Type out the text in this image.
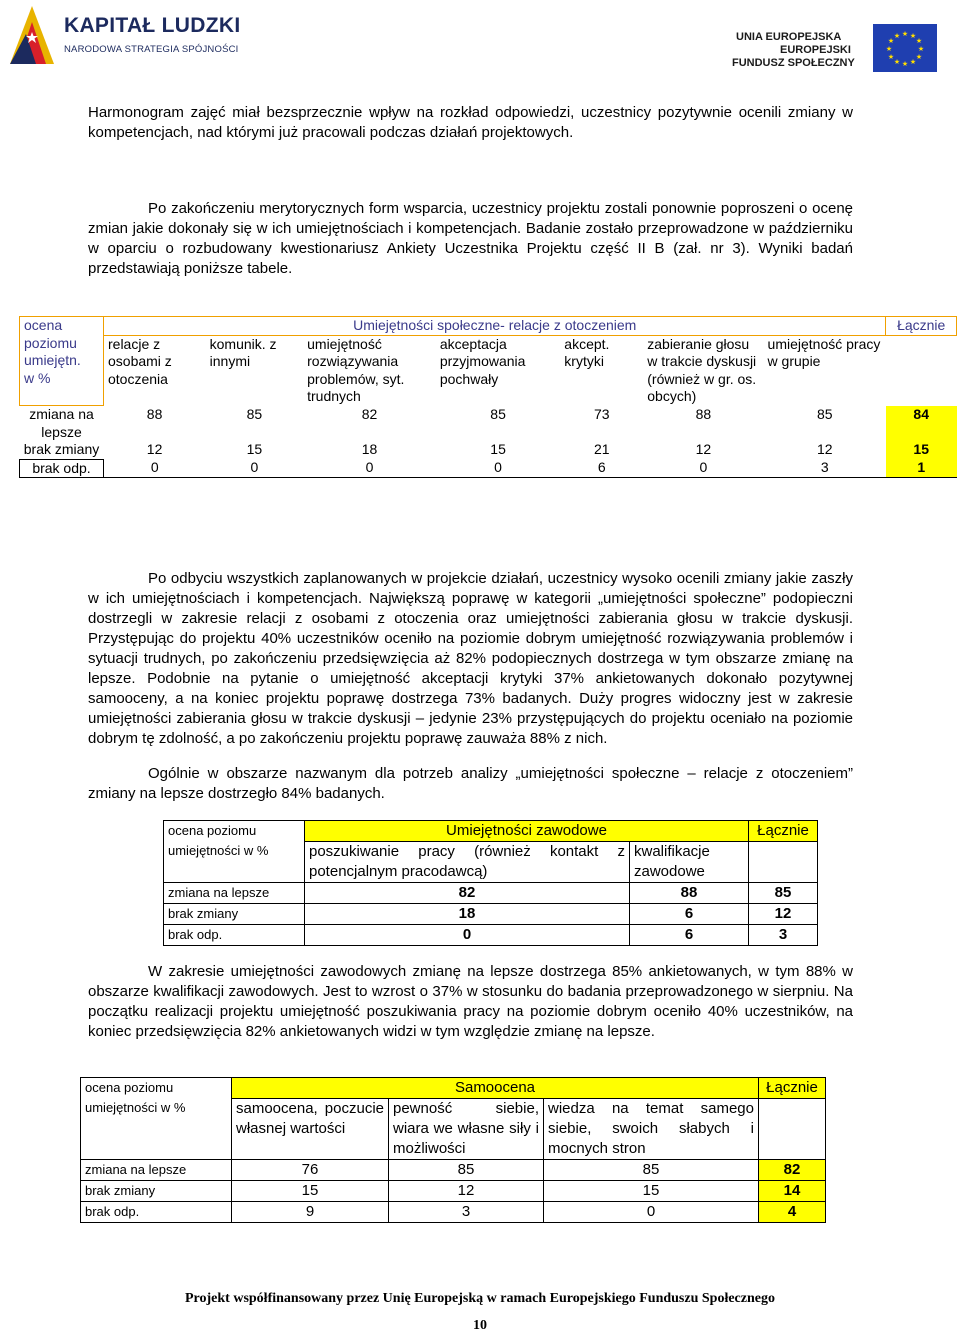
KAPITAŁ LUDZKI
NARODOWA STRATEGIA SPÓJNOŚCI
UNIA EUROPEJSKA
EUROPEJSKI
FUNDUSZ SPOŁECZNY
★ ★
★
★
★
★
★
★
★
★
★
★

Harmonogram zajęć miał bezsprzecznie wpływ na rozkład odpowiedzi, uczestnicy pozytywnie ocenili zmiany w kompetencjach, nad którymi już pracowali podczas działań projektowych.

Po zakończeniu merytorycznych form wsparcia, uczestnicy projektu zostali ponownie poproszeni o ocenę zmian jakie dokonały się w ich umiejętnościach i kompetencjach. Badanie zostało przeprowadzone w październiku w oparciu o rozbudowany kwestionariusz Ankiety Uczestnika Projektu część II B (zał. nr 3). Wyniki badań przedstawiają poniższe tabele.

ocena
poziomu
umiejętn.
w %	Umiejętności społeczne- relacje z otoczeniem							Łącznie
	relacje z osobami z otoczenia	komunik. z innymi	umiejętność rozwiązywania problemów, syt. trudnych	akceptacja przyjmowania pochwały	akcept. krytyki	zabieranie głosu w trakcie dyskusji (również w gr. os. obcych)	umiejętność pracy w grupie	
zmiana na lepsze	88	85	82	85	73	88	85	84
brak zmiany	12	15	18	15	21	12	12	15
brak odp.	0	0	0	0	6	0	3	1

Po odbyciu wszystkich zaplanowanych w projekcie działań, uczestnicy wysoko ocenili zmiany jakie zaszły w ich umiejętnościach i kompetencjach. Największą poprawę w kategorii „umiejętności społeczne” podopieczni dostrzegli w zakresie relacji z osobami z otoczenia oraz umiejętności zabierania głosu w trakcie dyskusji. Przystępując do projektu 40% uczestników oceniło na poziomie dobrym umiejętność rozwiązywania problemów i sytuacji trudnych, po zakończeniu przedsięwzięcia aż 82% podopiecznych dostrzega w tym obszarze zmianę na lepsze. Podobnie na pytanie o umiejętność akceptacji krytyki 37% ankietowanych dokonało pozytywnej samooceny, a na koniec projektu poprawę dostrzega 73% badanych. Duży progres widoczny jest w zakresie umiejętności zabierania głosu w trakcie dyskusji – jedynie 23% przystępujących do projektu oceniało na poziomie dobrym tę zdolność, a po zakończeniu projektu poprawę zauważa 88% z nich.

Ogólnie w obszarze nazwanym dla potrzeb analizy „umiejętności społeczne – relacje z otoczeniem” zmiany na lepsze dostrzegło 84% badanych.

ocena poziomu umiejętności w %	Umiejętności zawodowe		Łącznie
	poszukiwanie pracy (również kontakt z potencjalnym pracodawcą)	kwalifikacje zawodowe	
zmiana na lepsze	82	88	85
brak zmiany	18	6	12
brak odp.	0	6	3

W zakresie umiejętności zawodowych zmianę na lepsze dostrzega 85% ankietowanych, w tym 88% w obszarze kwalifikacji zawodowych. Jest to wzrost o 37% w stosunku do badania przeprowadzonego w sierpniu. Na początku realizacji projektu umiejętność poszukiwania pracy na poziomie dobrym oceniło 40% uczestników, na koniec przedsięwzięcia 82% ankietowanych widzi w tym względzie zmianę na lepsze.

ocena poziomu umiejętności w %	Samoocena			Łącznie
	samoocena, poczucie własnej wartości	pewność siebie, wiara we własne siły i możliwości	wiedza na temat samego siebie, swoich słabych i mocnych stron	
zmiana na lepsze	76	85	85	82
brak zmiany	15	12	15	14
brak odp.	9	3	0	4
Projekt współfinansowany przez Unię Europejską w ramach Europejskiego Funduszu Społecznego
10
